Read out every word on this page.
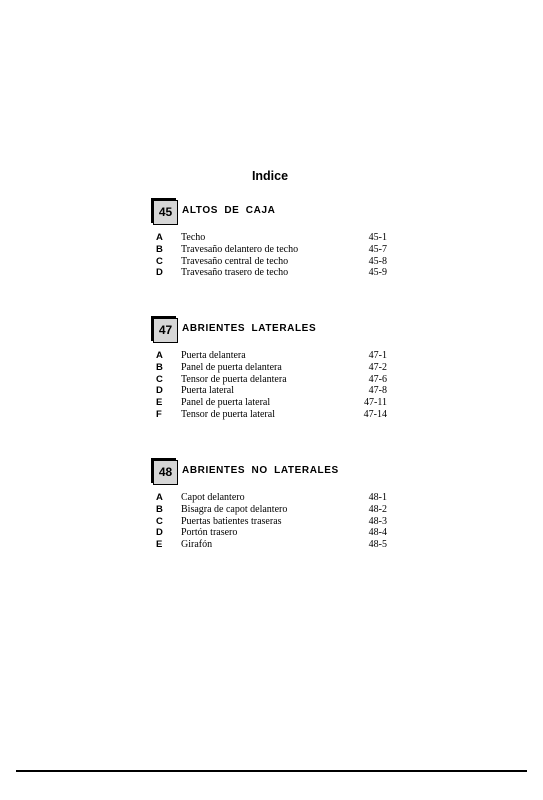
Indice
45 ALTOS DE CAJA
A Techo	45-1
B Travesaño delantero de techo	45-7
C Travesaño central de techo	45-8
D Travesaño trasero de techo	45-9
47 ABRIENTES LATERALES
A Puerta delantera	47-1
B Panel de puerta delantera	47-2
C Tensor de puerta delantera	47-6
D Puerta lateral	47-8
E Panel de puerta lateral	47-11
F Tensor de puerta lateral	47-14
48 ABRIENTES NO LATERALES
A Capot delantero	48-1
B Bisagra de capot delantero	48-2
C Puertas batientes traseras	48-3
D Portón trasero	48-4
E Girafón	48-5
